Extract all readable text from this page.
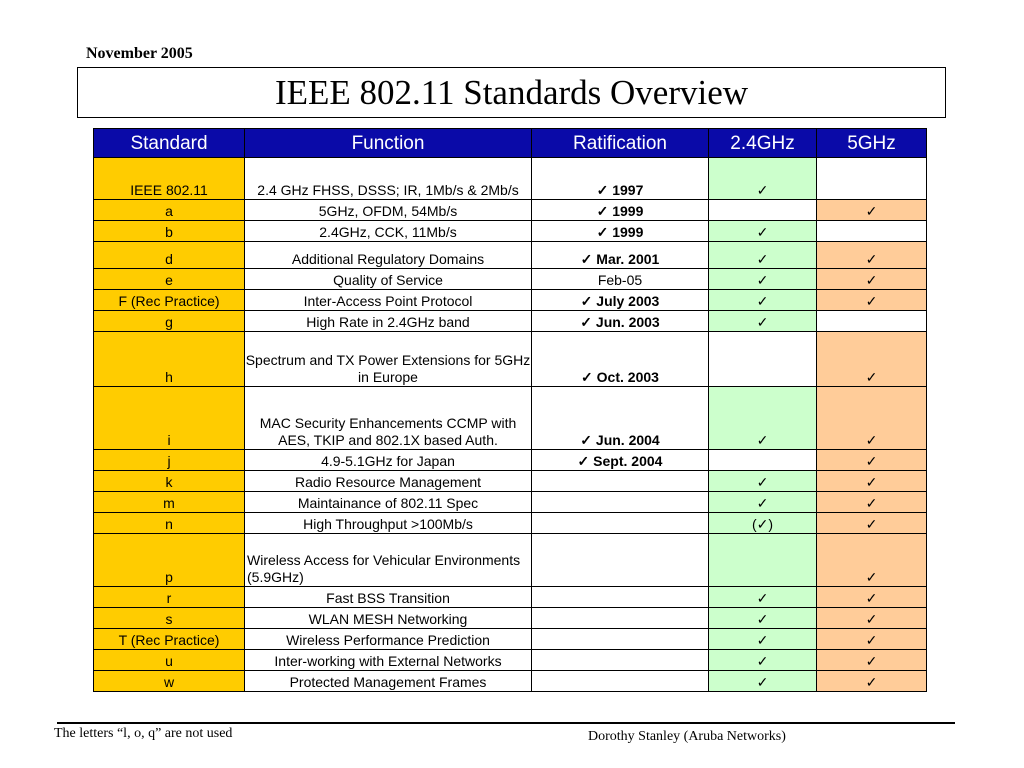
November 2005
IEEE 802.11 Standards Overview
Standard	Function	Ratification	2.4GHz	5GHz
IEEE 802.11	2.4 GHz FHSS, DSSS; IR, 1Mb/s & 2Mb/s	✓ 1997	✓	
a	5GHz, OFDM, 54Mb/s	✓ 1999		✓
b	2.4GHz, CCK, 11Mb/s	✓ 1999	✓	
d	Additional Regulatory Domains	✓ Mar. 2001	✓	✓
e	Quality of Service	Feb-05	✓	✓
F (Rec Practice)	Inter-Access Point Protocol	✓ July 2003	✓	✓
g	High Rate in 2.4GHz band	✓ Jun. 2003	✓	
h	Spectrum and TX Power Extensions for 5GHz in Europe	✓ Oct. 2003		✓
i	MAC Security Enhancements CCMP with AES, TKIP and 802.1X based Auth.	✓ Jun. 2004	✓	✓
j	4.9-5.1GHz for Japan	✓ Sept. 2004		✓
k	Radio Resource Management		✓	✓
m	Maintainance of 802.11 Spec		✓	✓
n	High Throughput >100Mb/s		(✓)	✓
p	Wireless Access for Vehicular Environments (5.9GHz)			✓
r	Fast BSS Transition		✓	✓
s	WLAN MESH Networking		✓	✓
T (Rec Practice)	Wireless Performance Prediction		✓	✓
u	Inter-working with External Networks		✓	✓
w	Protected Management Frames		✓	✓
The letters “l, o, q” are not used	Dorothy Stanley (Aruba Networks)
